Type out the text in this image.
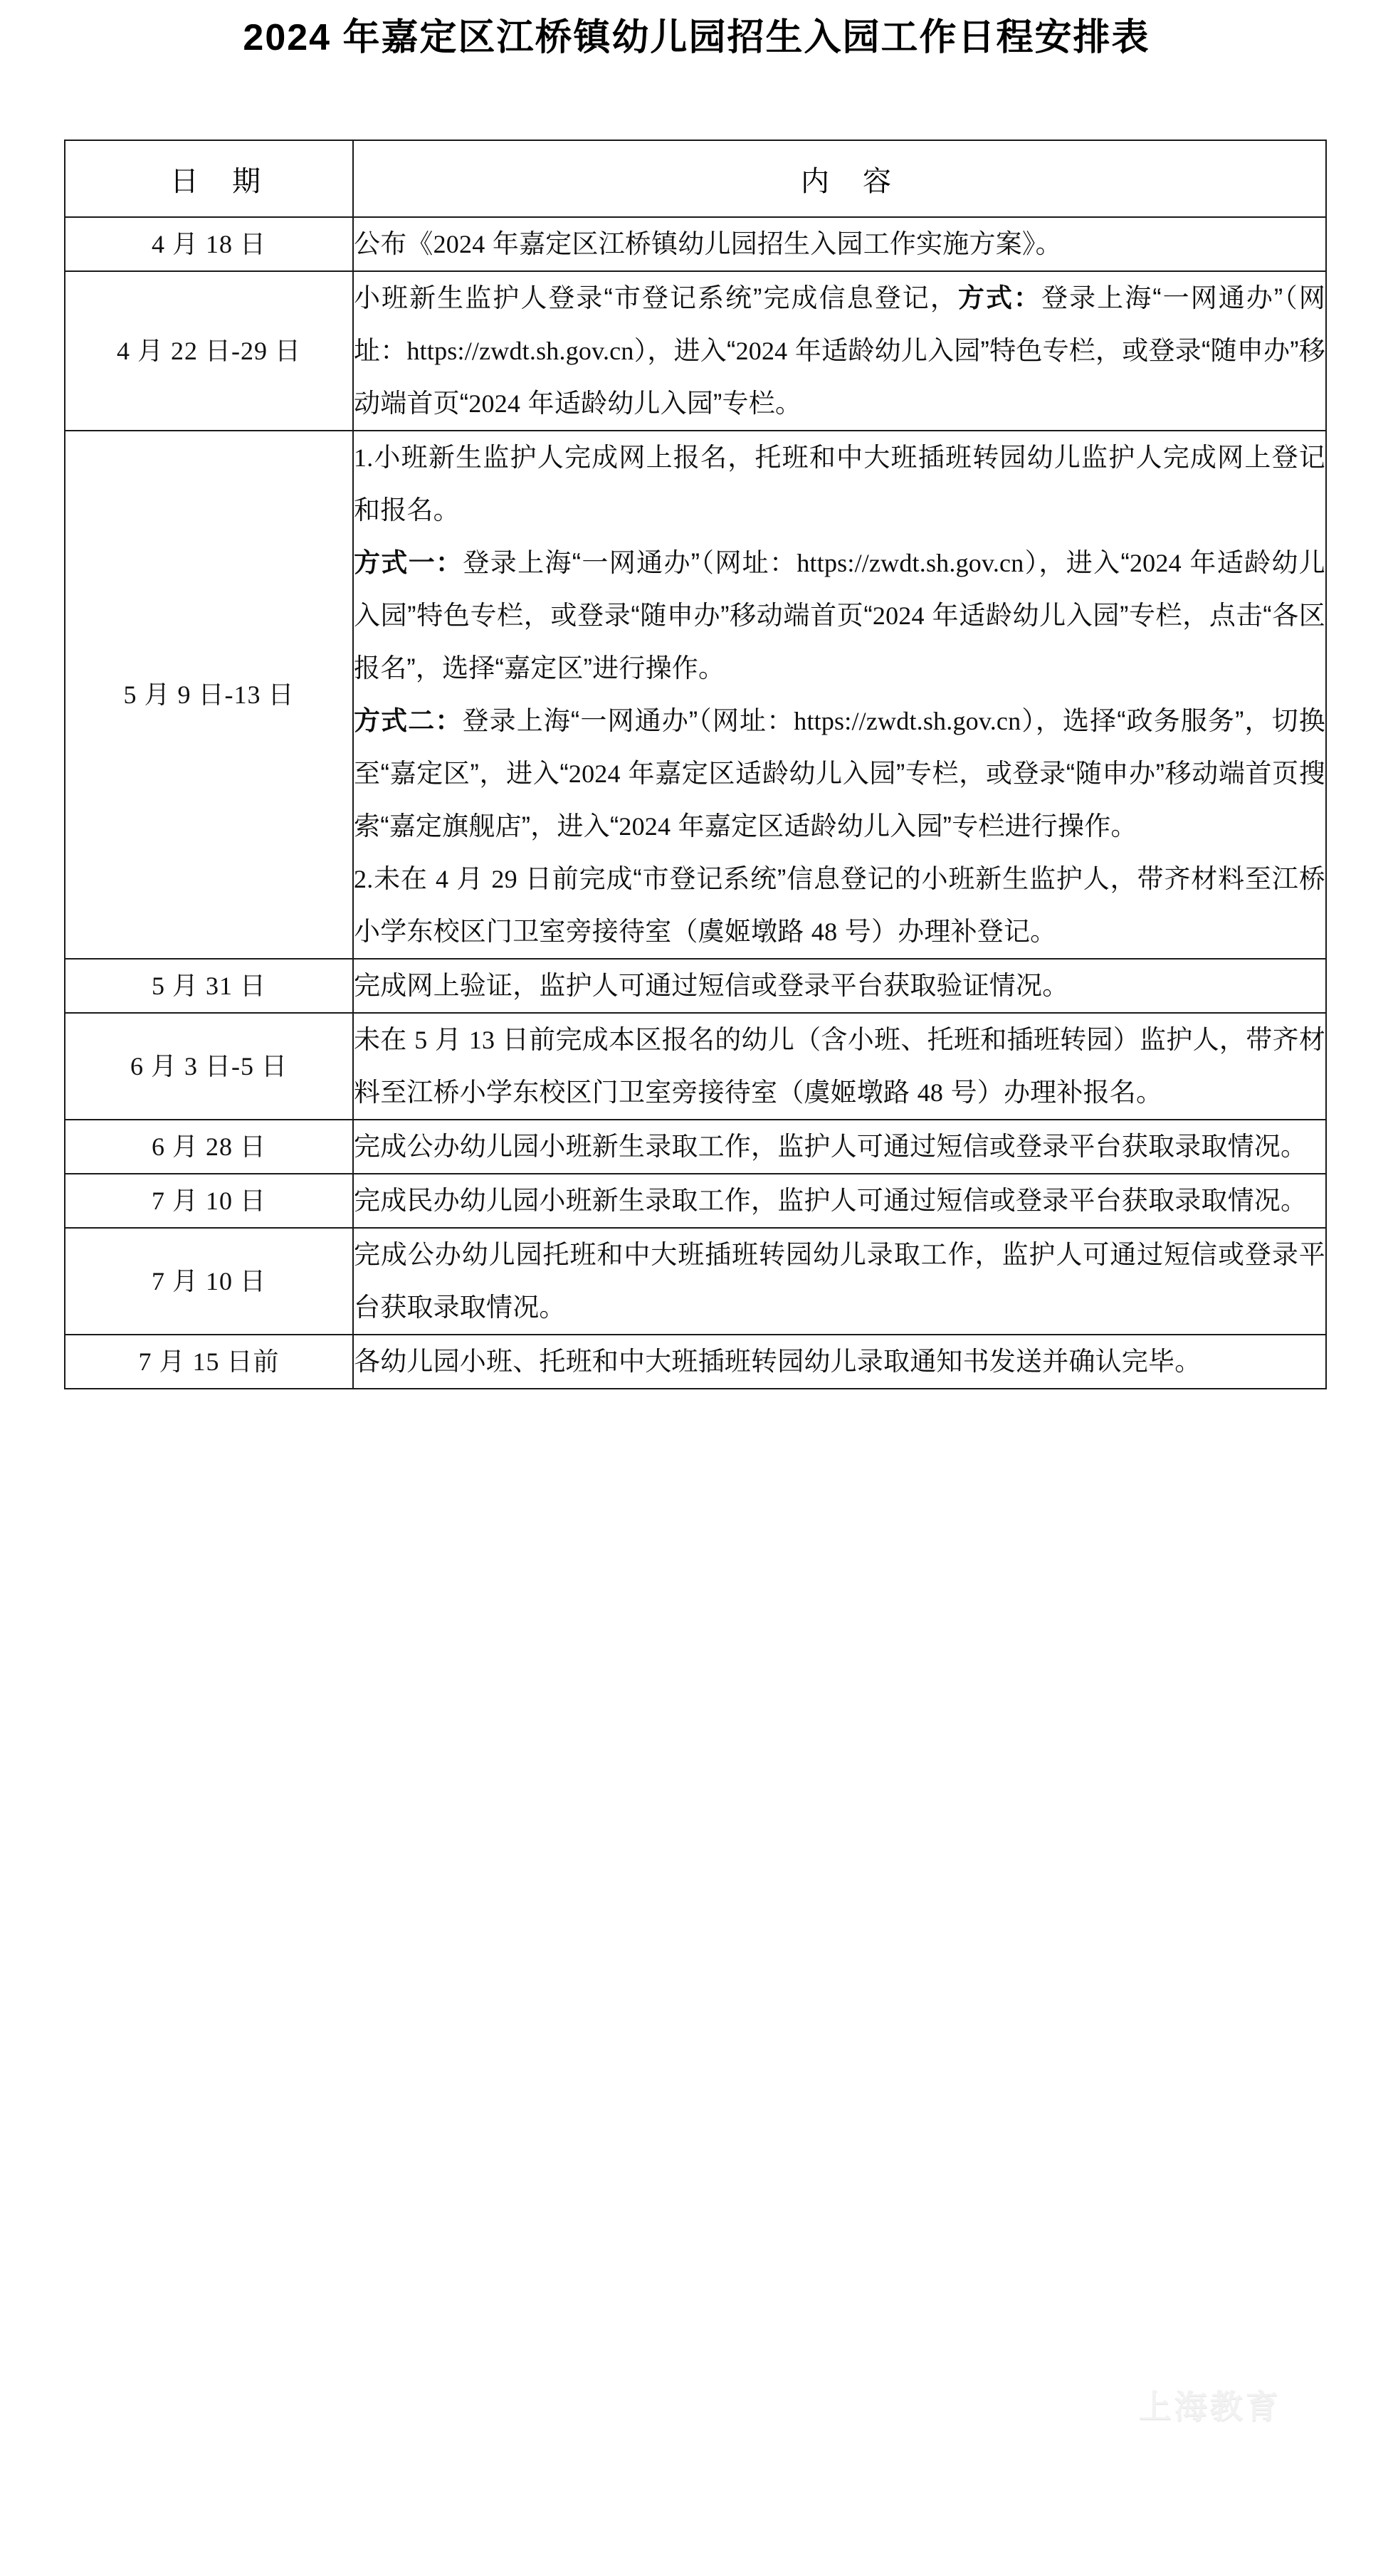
2024 年嘉定区江桥镇幼儿园招生入园工作日程安排表
日 期	内 容
4 月 18 日	公布《2024 年嘉定区江桥镇幼儿园招生入园工作实施方案》。

4 月 22 日-29 日	小班新生监护人登录“市登记系统”完成信息登记，方式：登录上海“一网通办”（网址：https://zwdt.sh.gov.cn），进入“2024 年适龄幼儿入园”特色专栏，或登录“随申办”移动端首页“2024 年适龄幼儿入园”专栏。

5 月 9 日-13 日	1.小班新生监护人完成网上报名，托班和中大班插班转园幼儿监护人完成网上登记和报名。

方式一：登录上海“一网通办”（网址：https://zwdt.sh.gov.cn），进入“2024 年适龄幼儿入园”特色专栏，或登录“随申办”移动端首页“2024 年适龄幼儿入园”专栏，点击“各区报名”，选择“嘉定区”进行操作。

方式二：登录上海“一网通办”（网址：https://zwdt.sh.gov.cn），选择“政务服务”，切换至“嘉定区”，进入“2024 年嘉定区适龄幼儿入园”专栏，或登录“随申办”移动端首页搜索“嘉定旗舰店”，进入“2024 年嘉定区适龄幼儿入园”专栏进行操作。

2.未在 4 月 29 日前完成“市登记系统”信息登记的小班新生监护人，带齐材料至江桥小学东校区门卫室旁接待室（虞姬墩路 48 号）办理补登记。

5 月 31 日	完成网上验证，监护人可通过短信或登录平台获取验证情况。

6 月 3 日-5 日	未在 5 月 13 日前完成本区报名的幼儿（含小班、托班和插班转园）监护人，带齐材料至江桥小学东校区门卫室旁接待室（虞姬墩路 48 号）办理补报名。

6 月 28 日	完成公办幼儿园小班新生录取工作，监护人可通过短信或登录平台获取录取情况。

7 月 10 日	完成民办幼儿园小班新生录取工作，监护人可通过短信或登录平台获取录取情况。

7 月 10 日	完成公办幼儿园托班和中大班插班转园幼儿录取工作，监护人可通过短信或登录平台获取录取情况。

7 月 15 日前	各幼儿园小班、托班和中大班插班转园幼儿录取通知书发送并确认完毕。

上海教育
